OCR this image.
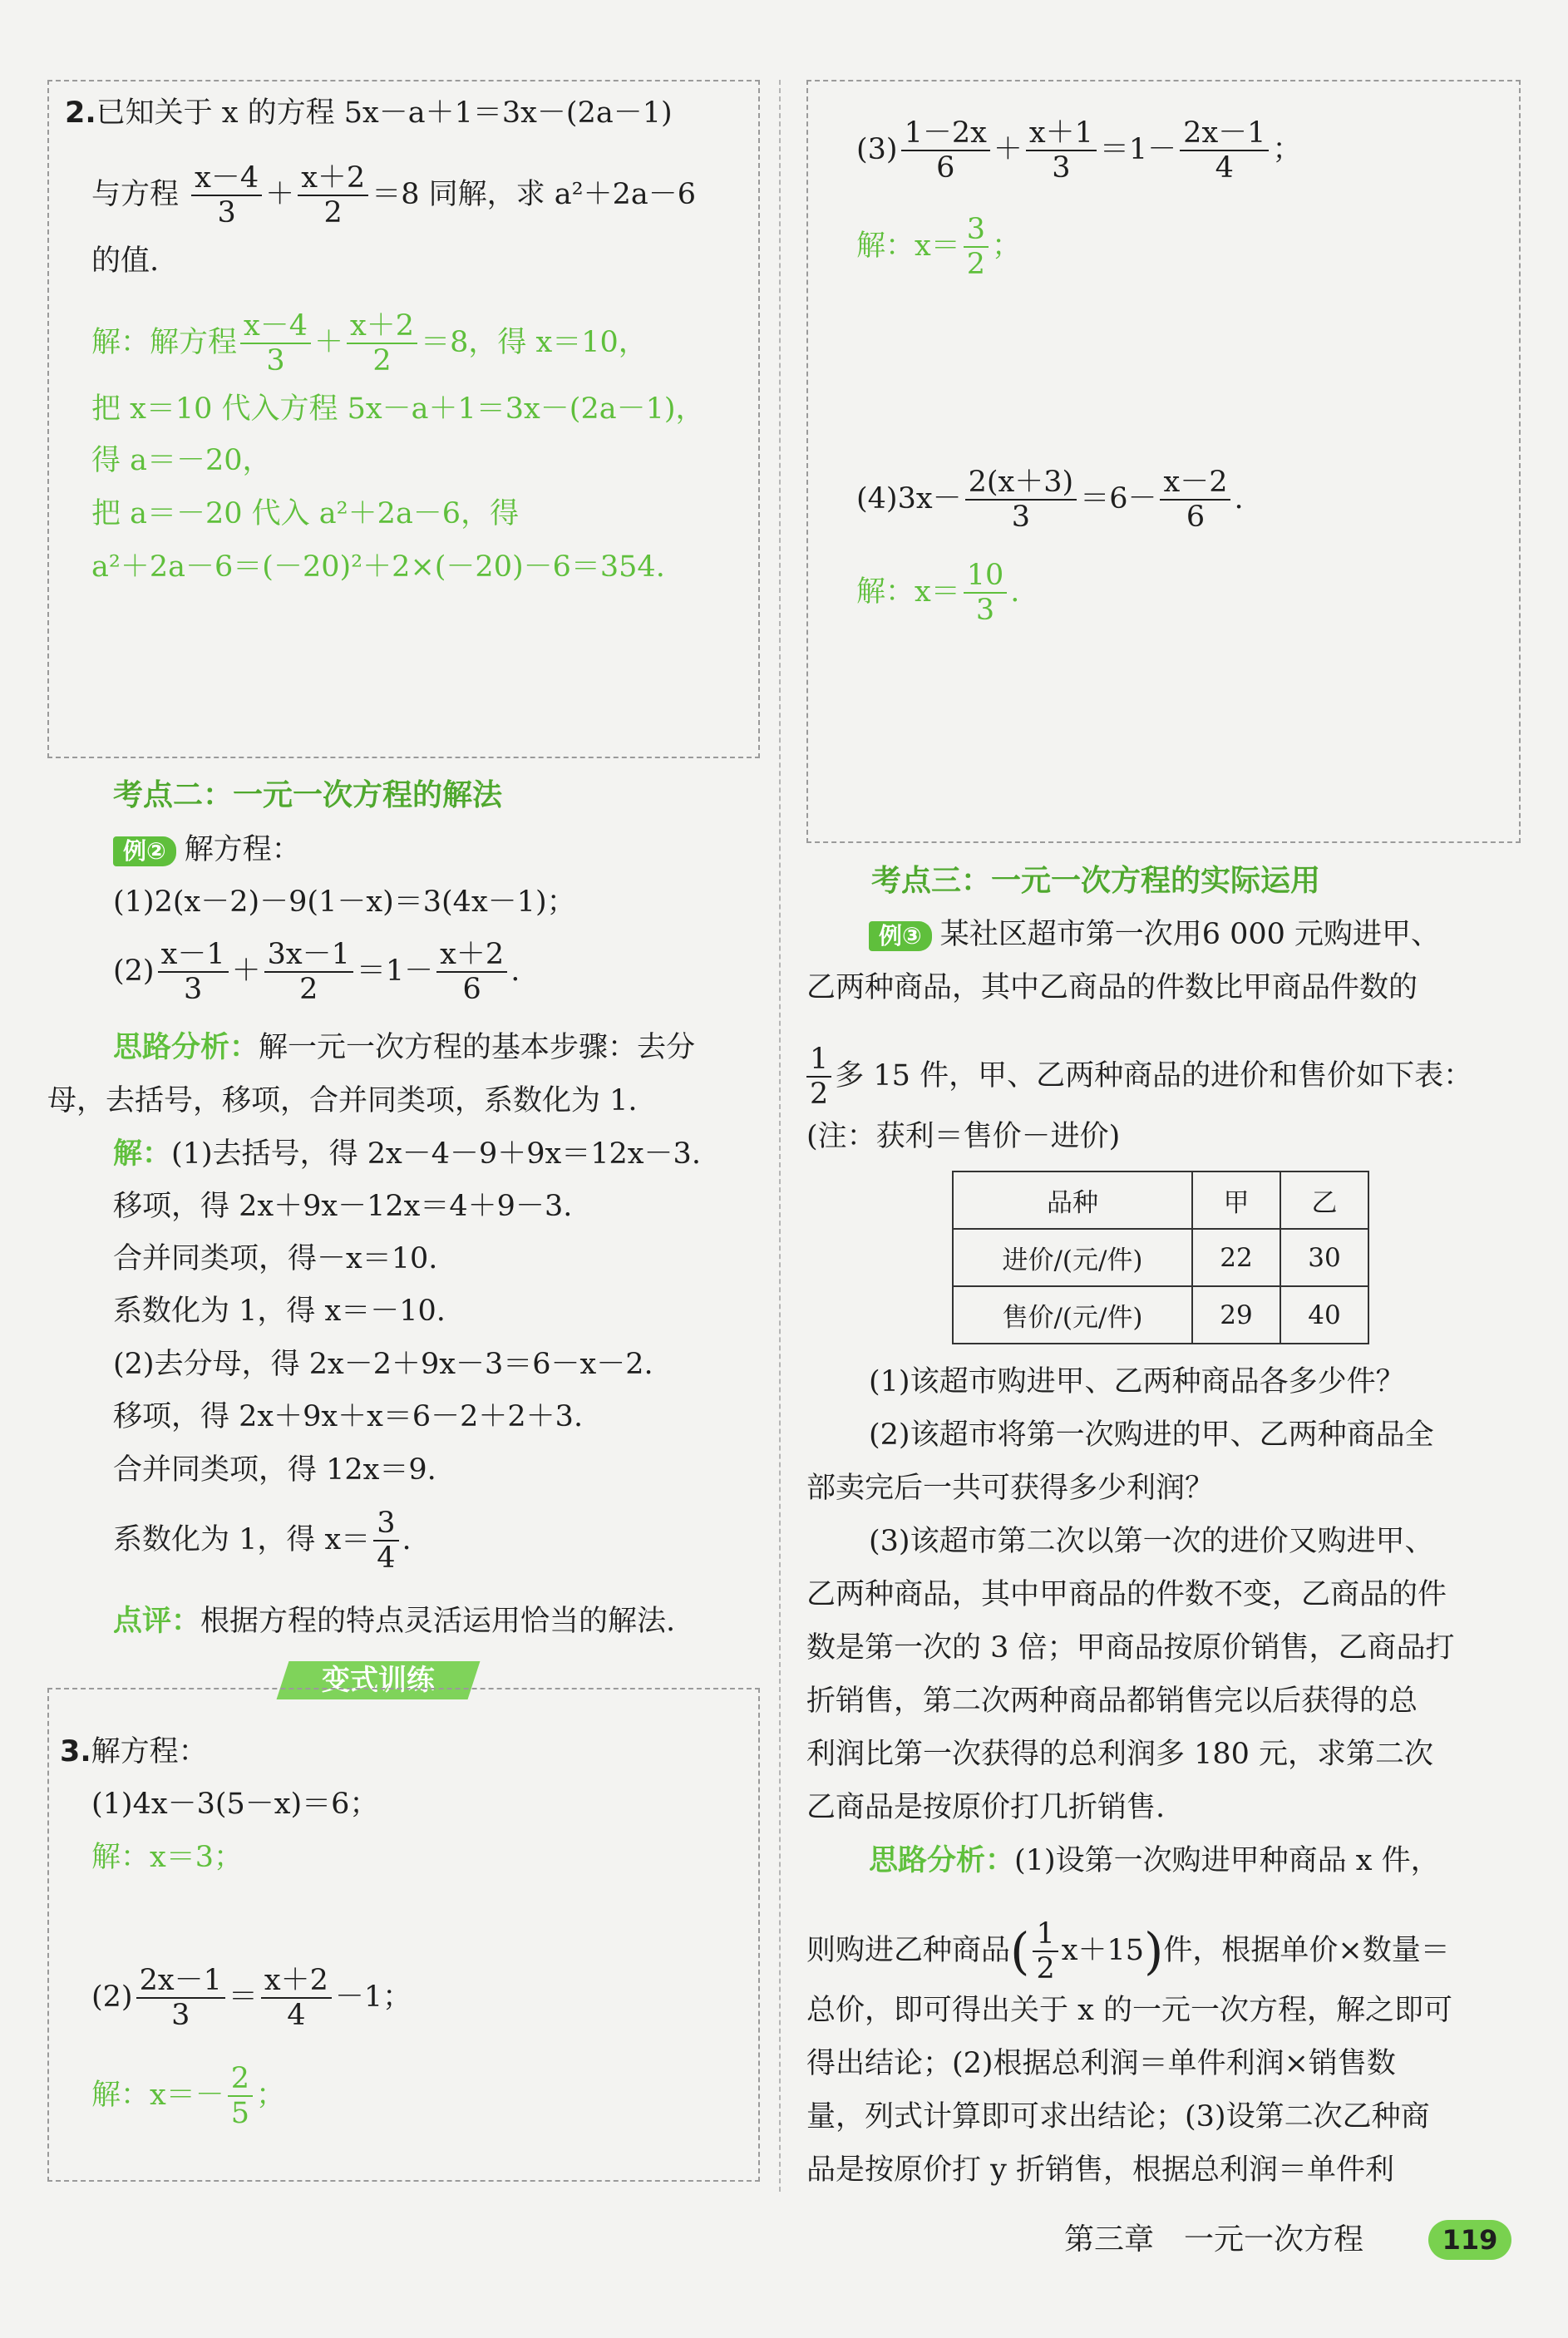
2.已知关于 x 的方程 5x－a＋1＝3x－(2a－1)
与方程 $\frac{x-4}{3} + \frac{x+2}{2} =8$ 同解，求 a²＋2a－6
的值.
解：解方程 $\frac{x-4}{3} + \frac{x+2}{2} =8$，得 x＝10，
把 x＝10 代入方程 5x－a＋1＝3x－(2a－1)，
得 a＝－20，
把 a＝－20 代入 a²＋2a－6，得
a²＋2a－6＝(－20)²＋2×(－20)－6＝354.
考点二：一元一次方程的解法
例② 解方程：
(1)2(x－2)－9(1－x)＝3(4x－1)；
$(2) \frac{x-1}{3} + \frac{3x-1}{2} =1- \frac{x+2}{6}$ .
思路分析：解一元一次方程的基本步骤：去分
母，去括号，移项，合并同类项，系数化为 1.
解：(1)去括号，得 2x－4－9＋9x＝12x－3.
移项，得 2x＋9x－12x＝4＋9－3.
合并同类项，得－x＝10.
系数化为 1，得 x＝－10.
(2)去分母，得 2x－2＋9x－3＝6－x－2.
移项，得 2x＋9x＋x＝6－2＋2＋3.
合并同类项，得 12x＝9.
系数化为 1，得 $x= \frac{3}{4}$ .
点评：根据方程的特点灵活运用恰当的解法.
变式训练
3.解方程：
(1)4x－3(5－x)＝6；
解：x＝3；
$(2) \frac{2x-1}{3} = \frac{x+2}{4} -1$；
解：$x=- \frac{2}{5}$ ；
$(3) \frac{1-2x}{6} + \frac{x+1}{3} =1- \frac{2x-1}{4}$ ；
解：$x= \frac{3}{2}$ ；
$(4)3x- \frac{2(x+3)}{3} =6- \frac{x-2}{6}$ .
解：$x= \frac{10}{3}$ .
考点三：一元一次方程的实际运用
例③ 某社区超市第一次用6 000 元购进甲、
乙两种商品，其中乙商品的件数比甲商品件数的
$\frac{1}{2}$ 多 15 件，甲、乙两种商品的进价和售价如下表：
(注：获利＝售价－进价)
品种	甲	乙
进价/(元/件)	22	30
售价/(元/件)	29	40
(1)该超市购进甲、乙两种商品各多少件？
(2)该超市将第一次购进的甲、乙两种商品全
部卖完后一共可获得多少利润？
(3)该超市第二次以第一次的进价又购进甲、
乙两种商品，其中甲商品的件数不变，乙商品的件
数是第一次的 3 倍；甲商品按原价销售，乙商品打
折销售，第二次两种商品都销售完以后获得的总
利润比第一次获得的总利润多 180 元，求第二次
乙商品是按原价打几折销售.
思路分析：(1)设第一次购进甲种商品 x 件，
则购进乙种商品( $\frac{1}{2} x+15$)件，根据单价×数量＝
总价，即可得出关于 x 的一元一次方程，解之即可
得出结论；(2)根据总利润＝单件利润×销售数
量，列式计算即可求出结论；(3)设第二次乙种商
品是按原价打 y 折销售，根据总利润＝单件利
第三章　一元一次方程	119
